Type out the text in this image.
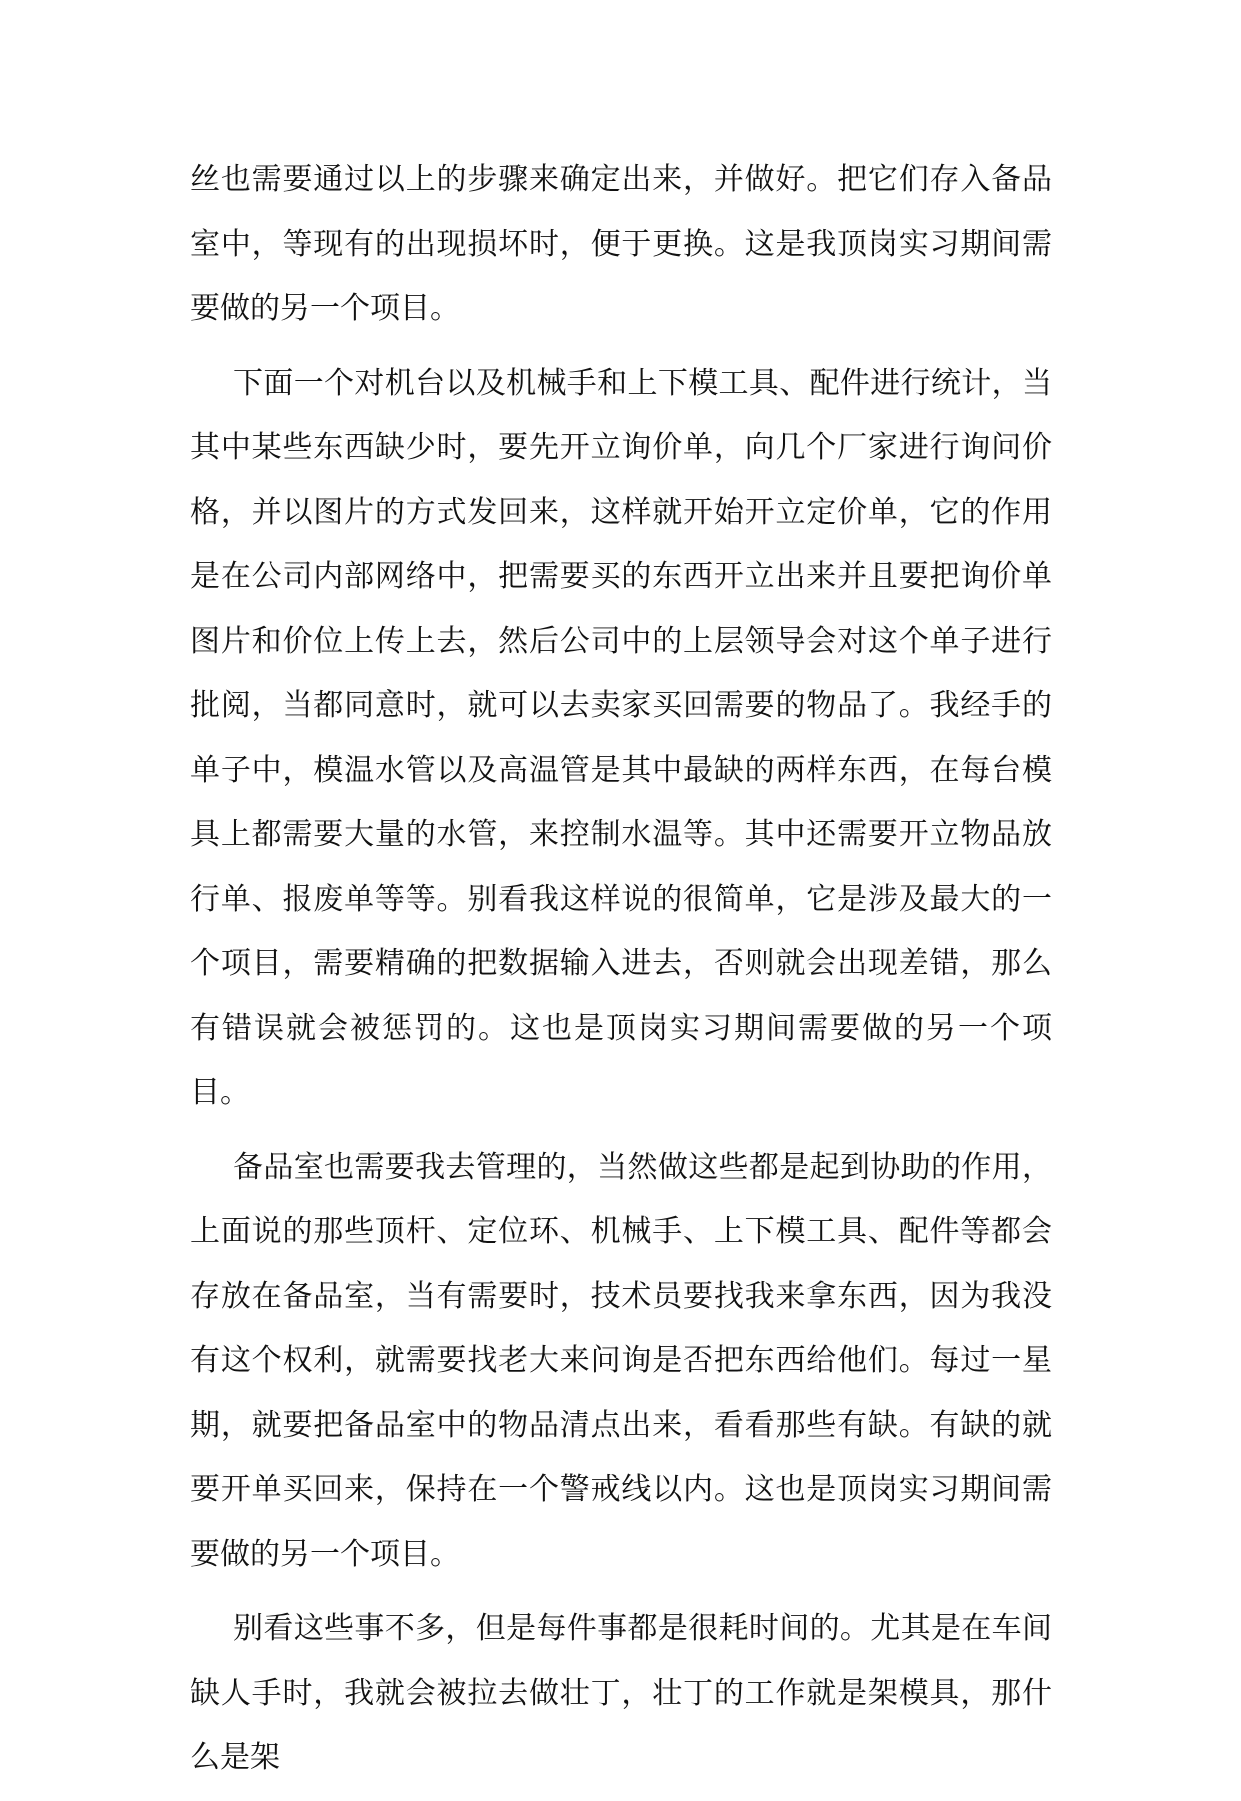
丝也需要通过以上的步骤来确定出来，并做好。把它们存入备品室中，等现有的出现损坏时，便于更换。这是我顶岗实习期间需要做的另一个项目。

下面一个对机台以及机械手和上下模工具、配件进行统计，当其中某些东西缺少时，要先开立询价单，向几个厂家进行询问价格，并以图片的方式发回来，这样就开始开立定价单，它的作用是在公司内部网络中，把需要买的东西开立出来并且要把询价单图片和价位上传上去，然后公司中的上层领导会对这个单子进行批阅，当都同意时，就可以去卖家买回需要的物品了。我经手的单子中，模温水管以及高温管是其中最缺的两样东西，在每台模具上都需要大量的水管，来控制水温等。其中还需要开立物品放行单、报废单等等。别看我这样说的很简单，它是涉及最大的一个项目，需要精确的把数据输入进去，否则就会出现差错，那么有错误就会被惩罚的。这也是顶岗实习期间需要做的另一个项目。

备品室也需要我去管理的，当然做这些都是起到协助的作用，上面说的那些顶杆、定位环、机械手、上下模工具、配件等都会存放在备品室，当有需要时，技术员要找我来拿东西，因为我没有这个权利，就需要找老大来问询是否把东西给他们。每过一星期，就要把备品室中的物品清点出来，看看那些有缺。有缺的就要开单买回来，保持在一个警戒线以内。这也是顶岗实习期间需要做的另一个项目。

别看这些事不多，但是每件事都是很耗时间的。尤其是在车间缺人手时，我就会被拉去做壮丁，壮丁的工作就是架模具，那什么是架
